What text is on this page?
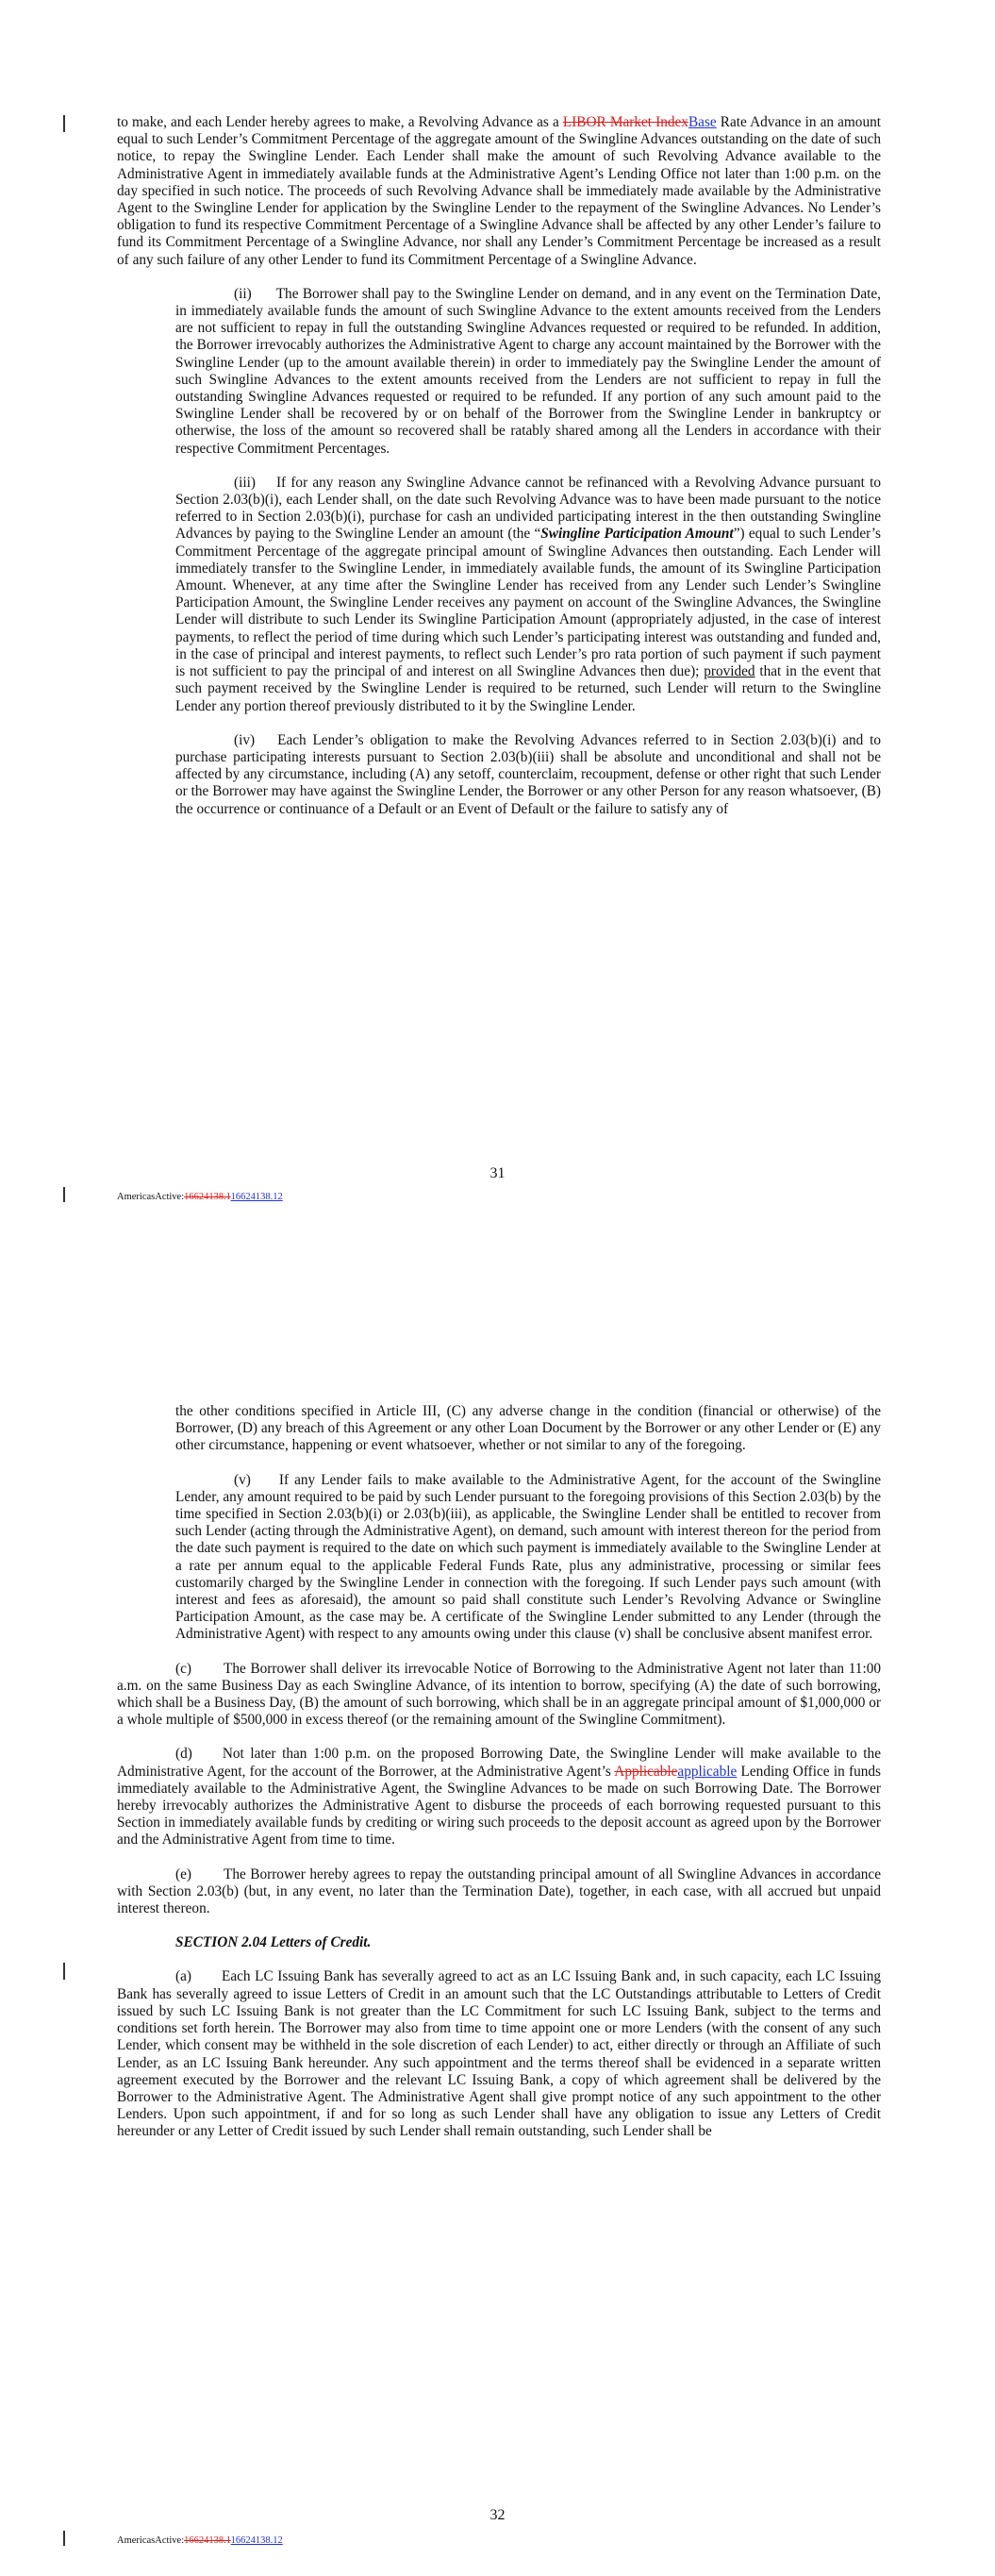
to make, and each Lender hereby agrees to make, a Revolving Advance as a LIBOR Market IndexBase Rate Advance in an amount equal to such Lender’s Commitment Percentage of the aggregate amount of the Swingline Advances outstanding on the date of such notice, to repay the Swingline Lender. Each Lender shall make the amount of such Revolving Advance available to the Administrative Agent in immediately available funds at the Administrative Agent’s Lending Office not later than 1:00 p.m. on the day specified in such notice. The proceeds of such Revolving Advance shall be immediately made available by the Administrative Agent to the Swingline Lender for application by the Swingline Lender to the repayment of the Swingline Advances. No Lender’s obligation to fund its respective Commitment Percentage of a Swingline Advance shall be affected by any other Lender’s failure to fund its Commitment Percentage of a Swingline Advance, nor shall any Lender’s Commitment Percentage be increased as a result of any such failure of any other Lender to fund its Commitment Percentage of a Swingline Advance.

(ii) The Borrower shall pay to the Swingline Lender on demand, and in any event on the Termination Date, in immediately available funds the amount of such Swingline Advance to the extent amounts received from the Lenders are not sufficient to repay in full the outstanding Swingline Advances requested or required to be refunded. In addition, the Borrower irrevocably authorizes the Administrative Agent to charge any account maintained by the Borrower with the Swingline Lender (up to the amount available therein) in order to immediately pay the Swingline Lender the amount of such Swingline Advances to the extent amounts received from the Lenders are not sufficient to repay in full the outstanding Swingline Advances requested or required to be refunded. If any portion of any such amount paid to the Swingline Lender shall be recovered by or on behalf of the Borrower from the Swingline Lender in bankruptcy or otherwise, the loss of the amount so recovered shall be ratably shared among all the Lenders in accordance with their respective Commitment Percentages.

(iii) If for any reason any Swingline Advance cannot be refinanced with a Revolving Advance pursuant to Section 2.03(b)(i), each Lender shall, on the date such Revolving Advance was to have been made pursuant to the notice referred to in Section 2.03(b)(i), purchase for cash an undivided participating interest in the then outstanding Swingline Advances by paying to the Swingline Lender an amount (the “Swingline Participation Amount”) equal to such Lender’s Commitment Percentage of the aggregate principal amount of Swingline Advances then outstanding. Each Lender will immediately transfer to the Swingline Lender, in immediately available funds, the amount of its Swingline Participation Amount. Whenever, at any time after the Swingline Lender has received from any Lender such Lender’s Swingline Participation Amount, the Swingline Lender receives any payment on account of the Swingline Advances, the Swingline Lender will distribute to such Lender its Swingline Participation Amount (appropriately adjusted, in the case of interest payments, to reflect the period of time during which such Lender’s participating interest was outstanding and funded and, in the case of principal and interest payments, to reflect such Lender’s pro rata portion of such payment if such payment is not sufficient to pay the principal of and interest on all Swingline Advances then due); provided that in the event that such payment received by the Swingline Lender is required to be returned, such Lender will return to the Swingline Lender any portion thereof previously distributed to it by the Swingline Lender.

(iv) Each Lender’s obligation to make the Revolving Advances referred to in Section 2.03(b)(i) and to purchase participating interests pursuant to Section 2.03(b)(iii) shall be absolute and unconditional and shall not be affected by any circumstance, including (A) any setoff, counterclaim, recoupment, defense or other right that such Lender or the Borrower may have against the Swingline Lender, the Borrower or any other Person for any reason whatsoever, (B) the occurrence or continuance of a Default or an Event of Default or the failure to satisfy any of

31
AmericasActive:16624138.116624138.12

the other conditions specified in Article III, (C) any adverse change in the condition (financial or otherwise) of the Borrower, (D) any breach of this Agreement or any other Loan Document by the Borrower or any other Lender or (E) any other circumstance, happening or event whatsoever, whether or not similar to any of the foregoing.

(v) If any Lender fails to make available to the Administrative Agent, for the account of the Swingline Lender, any amount required to be paid by such Lender pursuant to the foregoing provisions of this Section 2.03(b) by the time specified in Section 2.03(b)(i) or 2.03(b)(iii), as applicable, the Swingline Lender shall be entitled to recover from such Lender (acting through the Administrative Agent), on demand, such amount with interest thereon for the period from the date such payment is required to the date on which such payment is immediately available to the Swingline Lender at a rate per annum equal to the applicable Federal Funds Rate, plus any administrative, processing or similar fees customarily charged by the Swingline Lender in connection with the foregoing. If such Lender pays such amount (with interest and fees as aforesaid), the amount so paid shall constitute such Lender’s Revolving Advance or Swingline Participation Amount, as the case may be. A certificate of the Swingline Lender submitted to any Lender (through the Administrative Agent) with respect to any amounts owing under this clause (v) shall be conclusive absent manifest error.

(c) The Borrower shall deliver its irrevocable Notice of Borrowing to the Administrative Agent not later than 11:00 a.m. on the same Business Day as each Swingline Advance, of its intention to borrow, specifying (A) the date of such borrowing, which shall be a Business Day, (B) the amount of such borrowing, which shall be in an aggregate principal amount of $1,000,000 or a whole multiple of $500,000 in excess thereof (or the remaining amount of the Swingline Commitment).

(d) Not later than 1:00 p.m. on the proposed Borrowing Date, the Swingline Lender will make available to the Administrative Agent, for the account of the Borrower, at the Administrative Agent’s Applicableapplicable Lending Office in funds immediately available to the Administrative Agent, the Swingline Advances to be made on such Borrowing Date. The Borrower hereby irrevocably authorizes the Administrative Agent to disburse the proceeds of each borrowing requested pursuant to this Section in immediately available funds by crediting or wiring such proceeds to the deposit account as agreed upon by the Borrower and the Administrative Agent from time to time.

(e) The Borrower hereby agrees to repay the outstanding principal amount of all Swingline Advances in accordance with Section 2.03(b) (but, in any event, no later than the Termination Date), together, in each case, with all accrued but unpaid interest thereon.

SECTION 2.04 Letters of Credit.

(a) Each LC Issuing Bank has severally agreed to act as an LC Issuing Bank and, in such capacity, each LC Issuing Bank has severally agreed to issue Letters of Credit in an amount such that the LC Outstandings attributable to Letters of Credit issued by such LC Issuing Bank is not greater than the LC Commitment for such LC Issuing Bank, subject to the terms and conditions set forth herein. The Borrower may also from time to time appoint one or more Lenders (with the consent of any such Lender, which consent may be withheld in the sole discretion of each Lender) to act, either directly or through an Affiliate of such Lender, as an LC Issuing Bank hereunder. Any such appointment and the terms thereof shall be evidenced in a separate written agreement executed by the Borrower and the relevant LC Issuing Bank, a copy of which agreement shall be delivered by the Borrower to the Administrative Agent. The Administrative Agent shall give prompt notice of any such appointment to the other Lenders. Upon such appointment, if and for so long as such Lender shall have any obligation to issue any Letters of Credit hereunder or any Letter of Credit issued by such Lender shall remain outstanding, such Lender shall be

32
AmericasActive:16624138.116624138.12
